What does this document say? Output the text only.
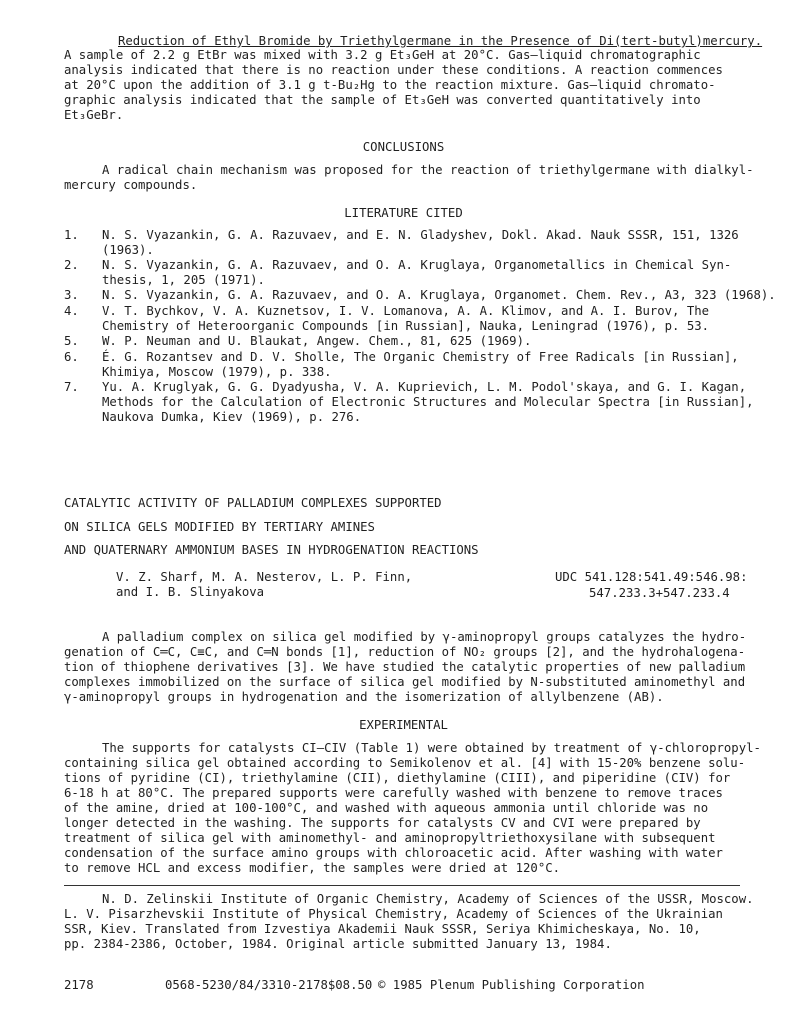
Reduction of Ethyl Bromide by Triethylgermane in the Presence of Di(tert-butyl)mercury.
A sample of 2.2 g EtBr was mixed with 3.2 g Et₃GeH at 20°C. Gas–liquid chromatographic
analysis indicated that there is no reaction under these conditions. A reaction commences
at 20°C upon the addition of 3.1 g t-Bu₂Hg to the reaction mixture. Gas–liquid chromato-
graphic analysis indicated that the sample of Et₃GeH was converted quantitatively into
Et₃GeBr.
CONCLUSIONS
A radical chain mechanism was proposed for the reaction of triethylgermane with dialkyl-
mercury compounds.
LITERATURE CITED
1. N. S. Vyazankin, G. A. Razuvaev, and E. N. Gladyshev, Dokl. Akad. Nauk SSSR, 151, 1326
(1963).
2. N. S. Vyazankin, G. A. Razuvaev, and O. A. Kruglaya, Organometallics in Chemical Syn-
thesis, 1, 205 (1971).
3. N. S. Vyazankin, G. A. Razuvaev, and O. A. Kruglaya, Organomet. Chem. Rev., A3, 323 (1968).
4. V. T. Bychkov, V. A. Kuznetsov, I. V. Lomanova, A. A. Klimov, and A. I. Burov, The
Chemistry of Heteroorganic Compounds [in Russian], Nauka, Leningrad (1976), p. 53.
5. W. P. Neuman and U. Blaukat, Angew. Chem., 81, 625 (1969).
6. É. G. Rozantsev and D. V. Sholle, The Organic Chemistry of Free Radicals [in Russian],
Khimiya, Moscow (1979), p. 338.
7. Yu. A. Kruglyak, G. G. Dyadyusha, V. A. Kuprievich, L. M. Podol'skaya, and G. I. Kagan,
Methods for the Calculation of Electronic Structures and Molecular Spectra [in Russian],
Naukova Dumka, Kiev (1969), p. 276.
CATALYTIC ACTIVITY OF PALLADIUM COMPLEXES SUPPORTED
ON SILICA GELS MODIFIED BY TERTIARY AMINES
AND QUATERNARY AMMONIUM BASES IN HYDROGENATION REACTIONS
V. Z. Sharf, M. A. Nesterov, L. P. Finn,
and I. B. Slinyakova
UDC 541.128:541.49:546.98:
547.233.3+547.233.4
A palladium complex on silica gel modified by γ-aminopropyl groups catalyzes the hydro-
genation of C═C, C≡C, and C═N bonds [1], reduction of NO₂ groups [2], and the hydrohalogena-
tion of thiophene derivatives [3]. We have studied the catalytic properties of new palladium
complexes immobilized on the surface of silica gel modified by N-substituted aminomethyl and
γ-aminopropyl groups in hydrogenation and the isomerization of allylbenzene (AB).
EXPERIMENTAL
The supports for catalysts CI–CIV (Table 1) were obtained by treatment of γ-chloropropyl-
containing silica gel obtained according to Semikolenov et al. [4] with 15-20% benzene solu-
tions of pyridine (CI), triethylamine (CII), diethylamine (CIII), and piperidine (CIV) for
6-18 h at 80°C. The prepared supports were carefully washed with benzene to remove traces
of the amine, dried at 100-100°C, and washed with aqueous ammonia until chloride was no
longer detected in the washing. The supports for catalysts CV and CVI were prepared by
treatment of silica gel with aminomethyl- and aminopropyltriethoxysilane with subsequent
condensation of the surface amino groups with chloroacetic acid. After washing with water
to remove HCL and excess modifier, the samples were dried at 120°C.
N. D. Zelinskii Institute of Organic Chemistry, Academy of Sciences of the USSR, Moscow.
L. V. Pisarzhevskii Institute of Physical Chemistry, Academy of Sciences of the Ukrainian
SSR, Kiev. Translated from Izvestiya Akademii Nauk SSSR, Seriya Khimicheskaya, No. 10,
pp. 2384-2386, October, 1984. Original article submitted January 13, 1984.
2178	0568-5230/84/3310-2178$08.50 © 1985 Plenum Publishing Corporation
